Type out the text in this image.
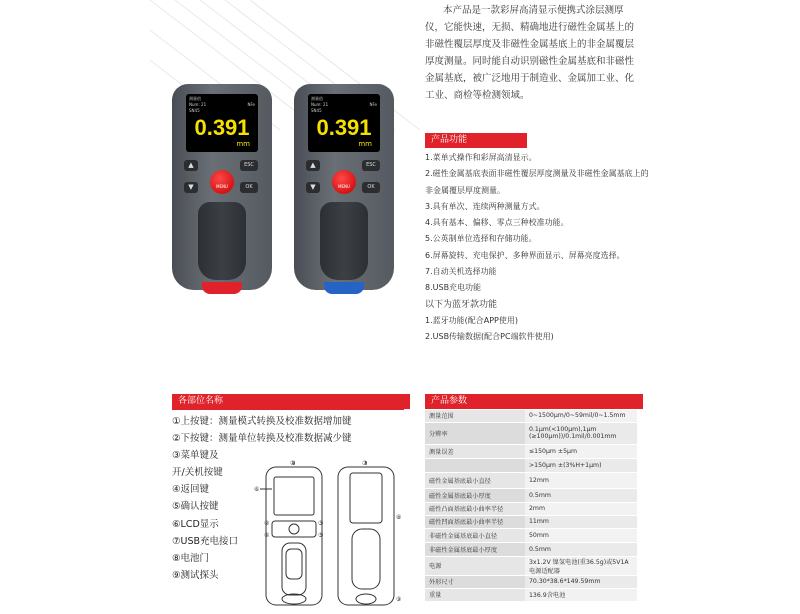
测量值
Num: 21	NFe
SN45
0.391
mm
▲	ESC
MENU
▼	OK
测量值
Num: 21	NFe
SN45
0.391
mm
▲	ESC
MENU
▼	OK
本产品是一款彩屏高清显示便携式涂层测厚仪，它能快速，无损、精确地进行磁性金属基上的非磁性覆层厚度及非磁性金属基底上的非金属覆层厚度测量。同时能自动识别磁性金属基底和非磁性金属基底，被广泛地用于制造业、金属加工业、化工业、商检等检测领域。
产品功能
1.菜单式操作和彩屏高清显示。
2.磁性金属基底表面非磁性覆层厚度测量及非磁性金属基底上的非金属覆层厚度测量。
3.具有单次、连续两种测量方式。
4.具有基本、偏移、零点三种校准功能。
5.公英制单位选择和存储功能。
6.屏幕旋转、充电保护、多种界面显示、屏幕亮度选择。
7.自动关机选择功能
8.USB充电功能
以下为蓝牙款功能
1.蓝牙功能(配合APP使用)
2.USB传输数据(配合PC端软件使用)
各部位名称
①上按键：测量模式转换及校准数据增加键
②下按键：测量单位转换及校准数据减少键
③菜单键及
开/关机按键
④返回键
⑤确认按键
⑥LCD显示
⑦USB充电接口
⑧电池门
⑨测试探头
①
⑥
②
④
③
⑤
⑦
⑧
⑨
产品参数
测量范围	0~1500μm/0~59mil/0~1.5mm
分辨率	0.1μm(<100μm),1μm (≥100μm))/0.1mil/0.001mm
测量误差	≤150μm ±5μm
	>150μm ±(3%H+1μm)
磁性金属基底最小直径	12mm
磁性金属基底最小厚度	0.5mm
磁性凸面基底最小曲率半径	2mm
磁性凹面基底最小曲率半径	11mm
非磁性金属基底最小直径	50mm
非磁性金属基底最小厚度	0.5mm
电源	3x1.2V 镍氢电池(重36.5g)或5V1A 电源适配器
外形尺寸	70.30*38.6*149.59mm
重量	136.9含电池
